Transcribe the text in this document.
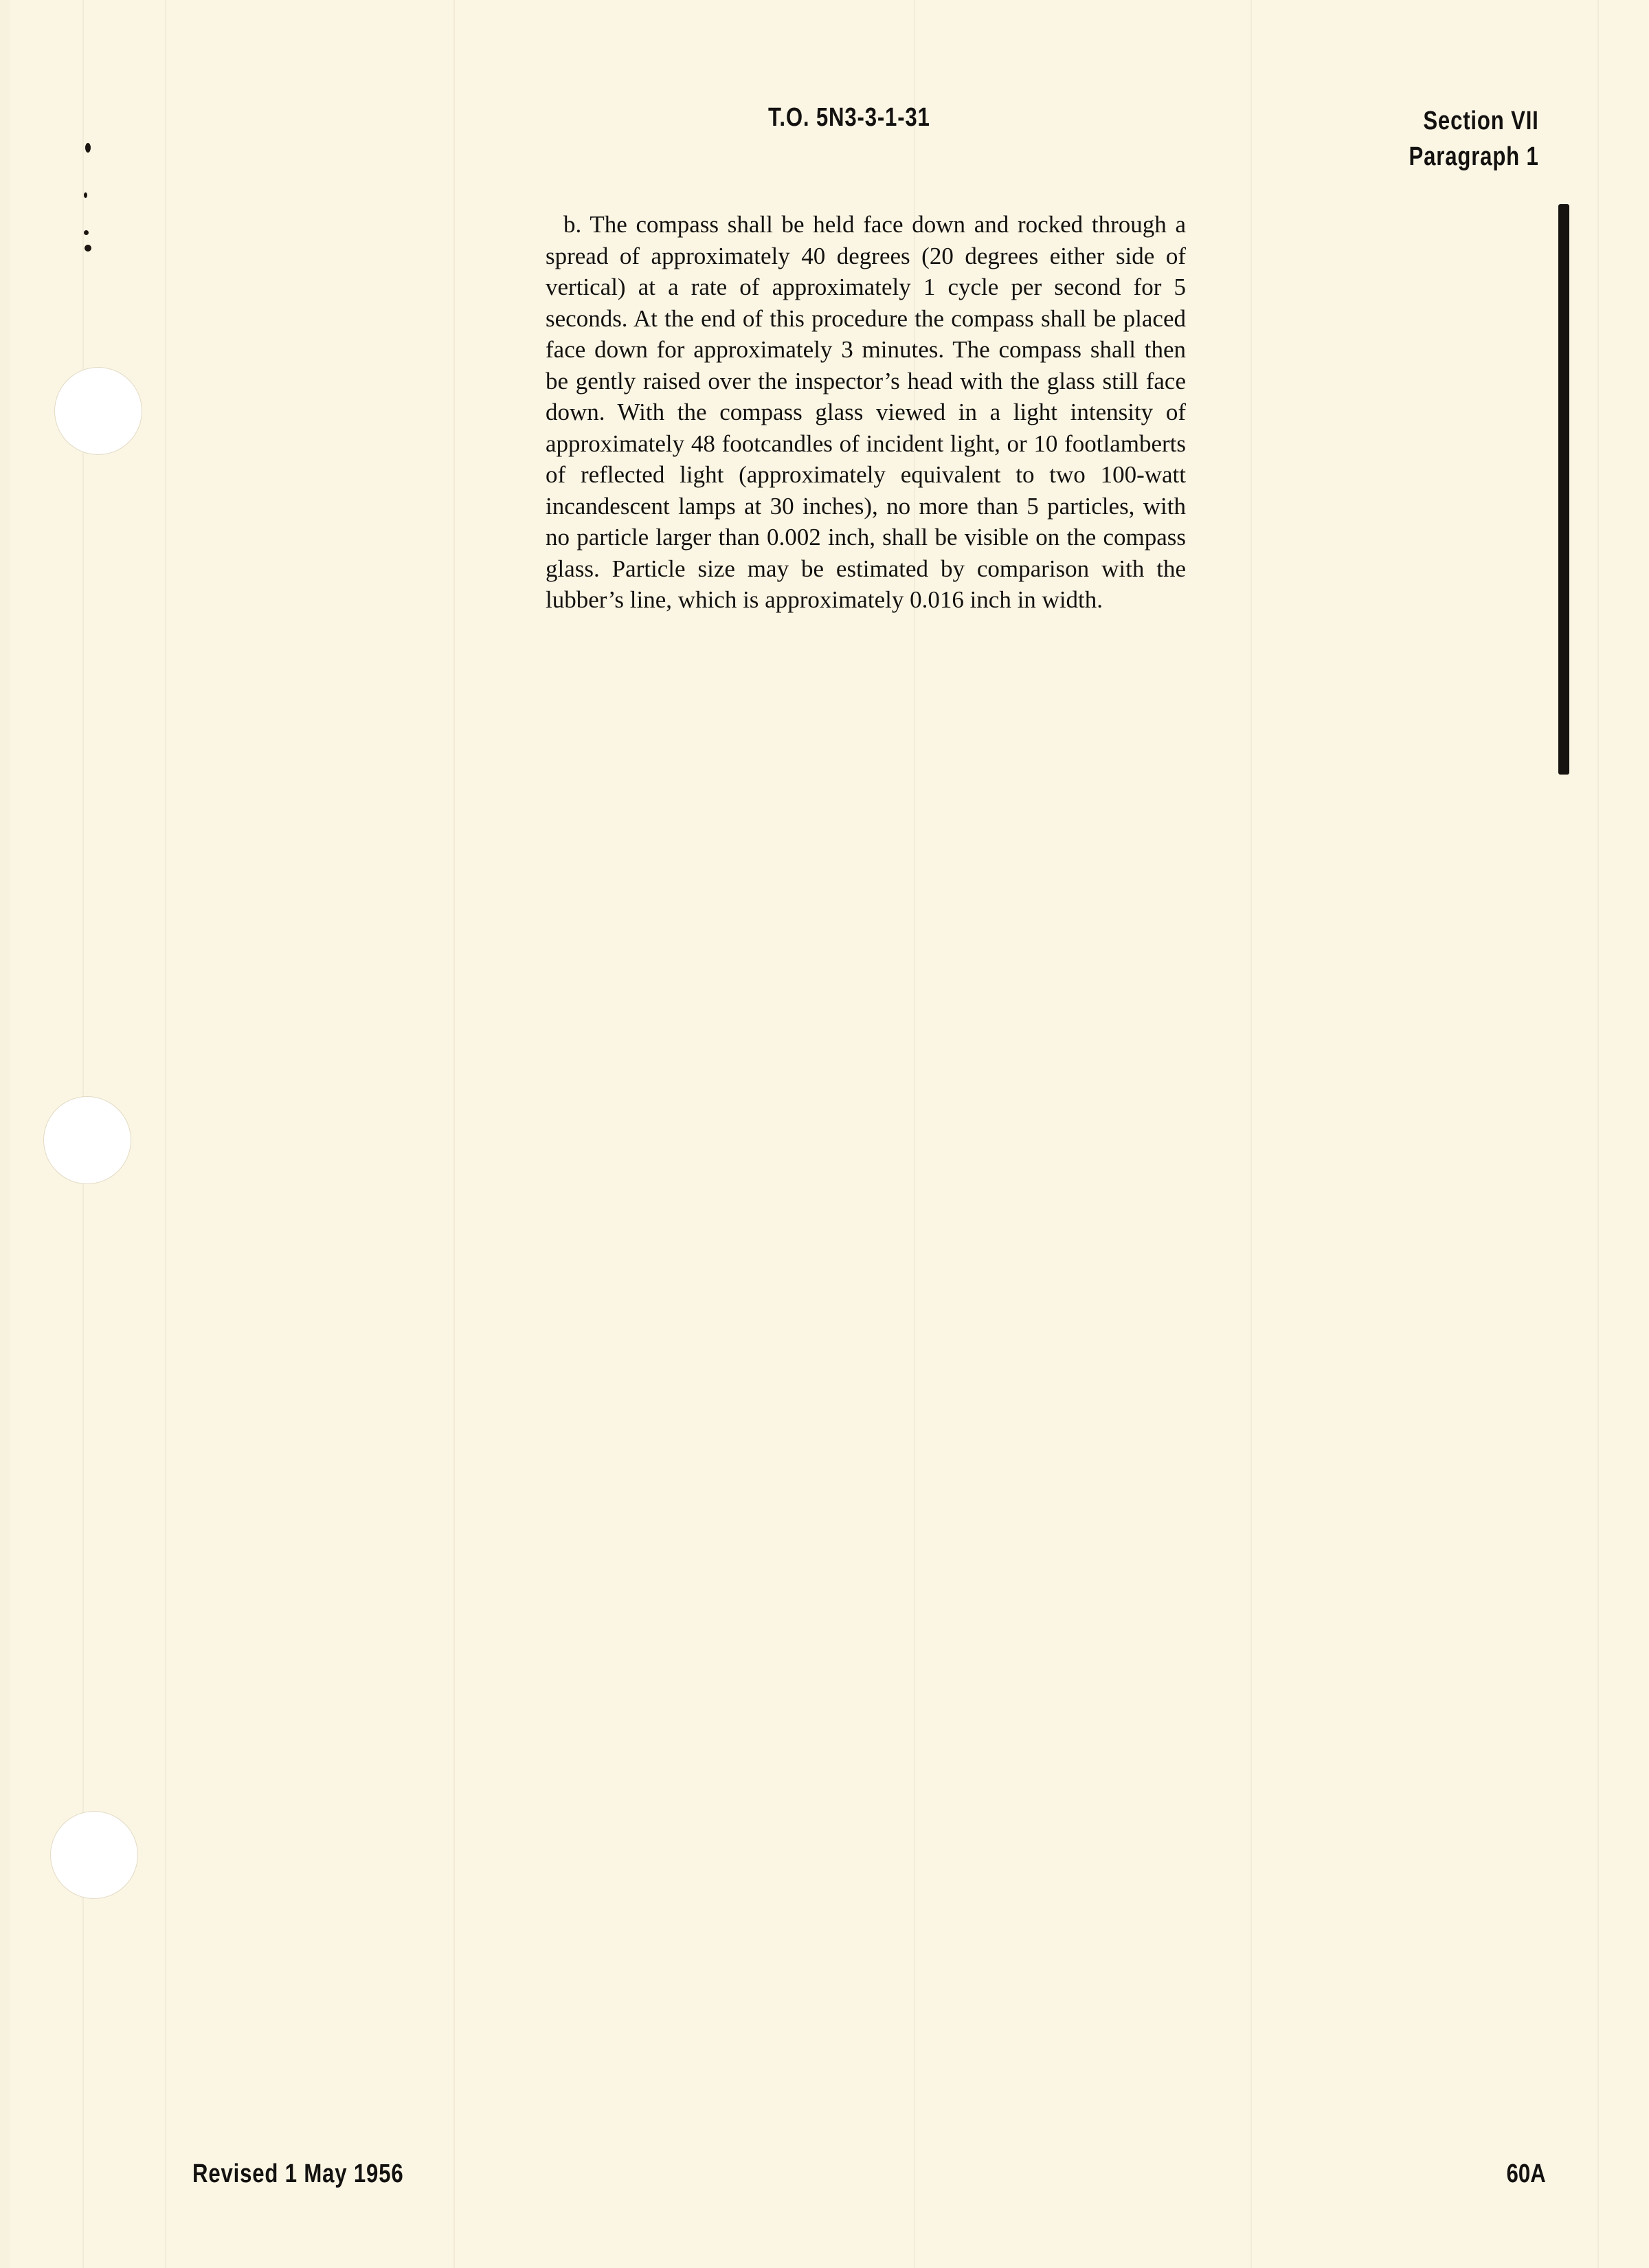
T.O. 5N3-3-1-31	Section VII
Paragraph 1

b. The compass shall be held face down and rocked through a spread of approximately 40 degrees (20 degrees either side of vertical) at a rate of approximately 1 cycle per second for 5 seconds. At the end of this procedure the compass shall be placed face down for approximately 3 minutes. The compass shall then be gently raised over the inspector’s head with the glass still face down. With the compass glass viewed in a light intensity of approximately 48 footcandles of incident light, or 10 footlamberts of reflected light (approximately equivalent to two 100-watt incandescent lamps at 30 inches), no more than 5 particles, with no particle larger than 0.002 inch, shall be visible on the compass glass. Particle size may be estimated by comparison with the lubber’s line, which is approximately 0.016 inch in width.

Revised 1 May 1956	60A
